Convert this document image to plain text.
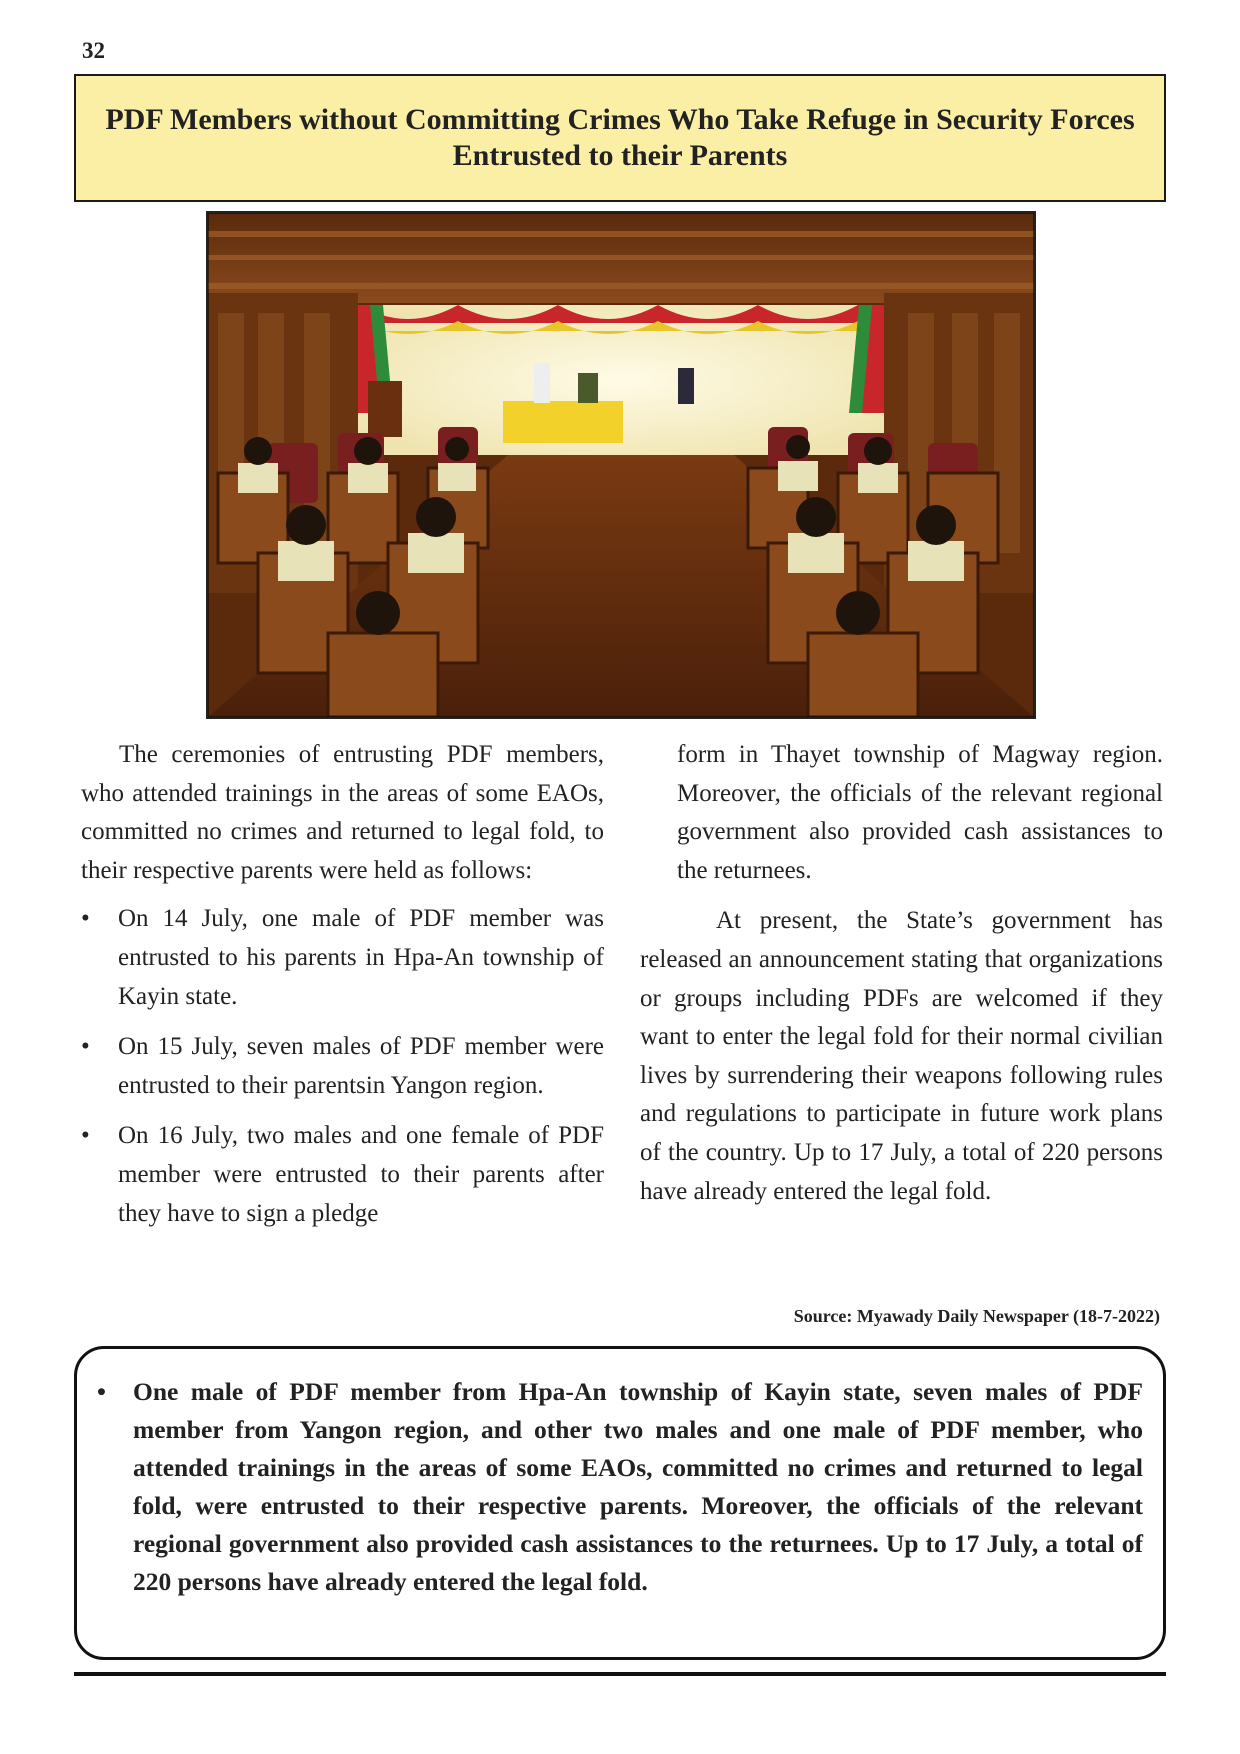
32
PDF Members without Committing Crimes Who Take Refuge in Security Forces Entrusted to their Parents

The ceremonies of entrusting PDF members, who attended trainings in the areas of some EAOs, committed no crimes and returned to legal fold, to their respective parents were held as follows:

• On 14 July, one male of PDF member was entrusted to his parents in Hpa-An township of Kayin state.
• On 15 July, seven males of PDF member were entrusted to their parentsin Yangon region.
• On 16 July, two males and one female of PDF member were entrusted to their parents after they have to sign a pledge

form in Thayet township of Magway region. Moreover, the officials of the relevant regional government also provided cash assistances to the returnees.

At present, the State’s government has released an announcement stating that organizations or groups including PDFs are welcomed if they want to enter the legal fold for their normal civilian lives by surrendering their weapons following rules and regulations to participate in future work plans of the country. Up to 17 July, a total of 220 persons have already entered the legal fold.

Source: Myawady Daily Newspaper (18-7-2022)
• One male of PDF member from Hpa-An township of Kayin state, seven males of PDF member from Yangon region, and other two males and one male of PDF member, who attended trainings in the areas of some EAOs, committed no crimes and returned to legal fold, were entrusted to their respective parents. Moreover, the officials of the relevant regional government also provided cash assistances to the returnees. Up to 17 July, a total of 220 persons have already entered the legal fold.
